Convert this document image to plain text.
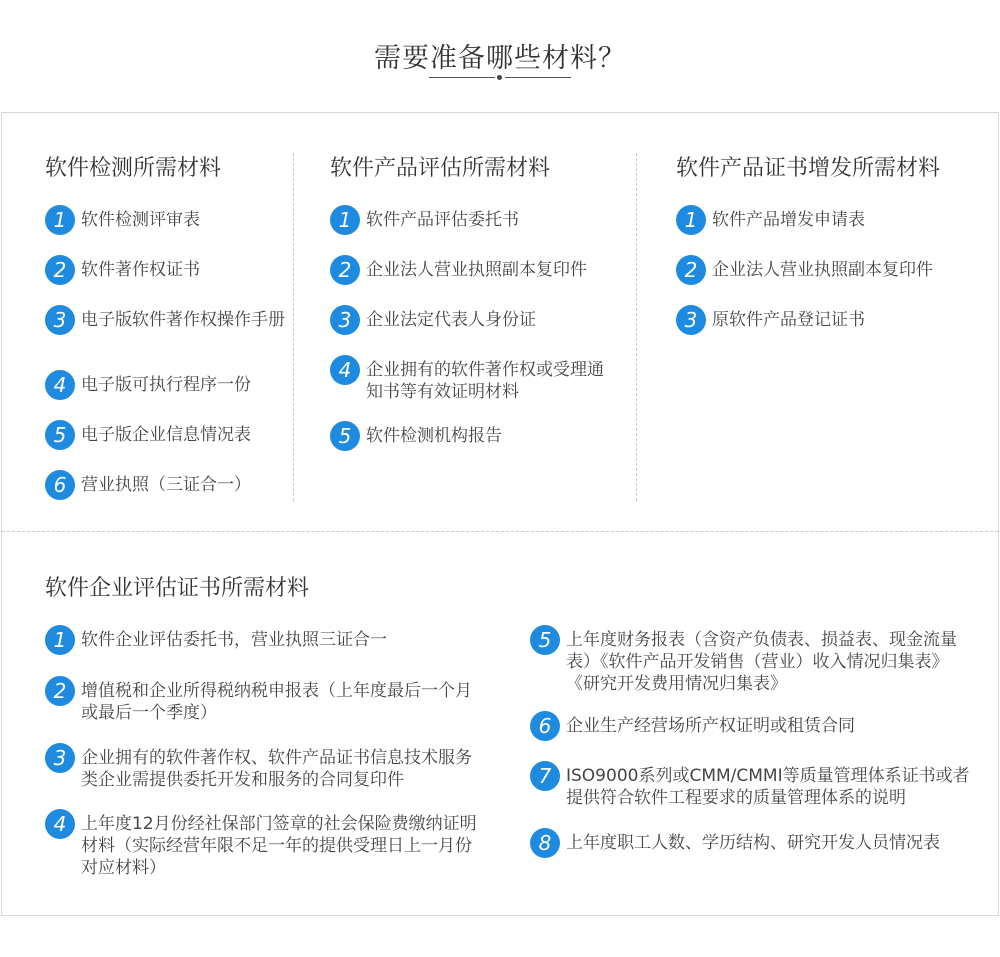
需要准备哪些材料？
软件检测所需材料
1 软件检测评审表
2 软件著作权证书
3 电子版软件著作权操作手册
4 电子版可执行程序一份
5 电子版企业信息情况表
6 营业执照（三证合一）
软件产品评估所需材料
1 软件产品评估委托书
2 企业法人营业执照副本复印件
3 企业法定代表人身份证
4 企业拥有的软件著作权或受理通知书等有效证明材料
5 软件检测机构报告
软件产品证书增发所需材料
1 软件产品增发申请表
2 企业法人营业执照副本复印件
3 原软件产品登记证书
软件企业评估证书所需材料
1 软件企业评估委托书，营业执照三证合一
2 增值税和企业所得税纳税申报表（上年度最后一个月或最后一个季度）
3 企业拥有的软件著作权、软件产品证书信息技术服务类企业需提供委托开发和服务的合同复印件
4 上年度12月份经社保部门签章的社会保险费缴纳证明材料（实际经营年限不足一年的提供受理日上一月份对应材料）
5 上年度财务报表（含资产负债表、损益表、现金流量表）《软件产品开发销售（营业）收入情况归集表》《研究开发费用情况归集表》
6 企业生产经营场所产权证明或租赁合同
7 ISO9000系列或CMM/CMMI等质量管理体系证书或者提供符合软件工程要求的质量管理体系的说明
8 上年度职工人数、学历结构、研究开发人员情况表
